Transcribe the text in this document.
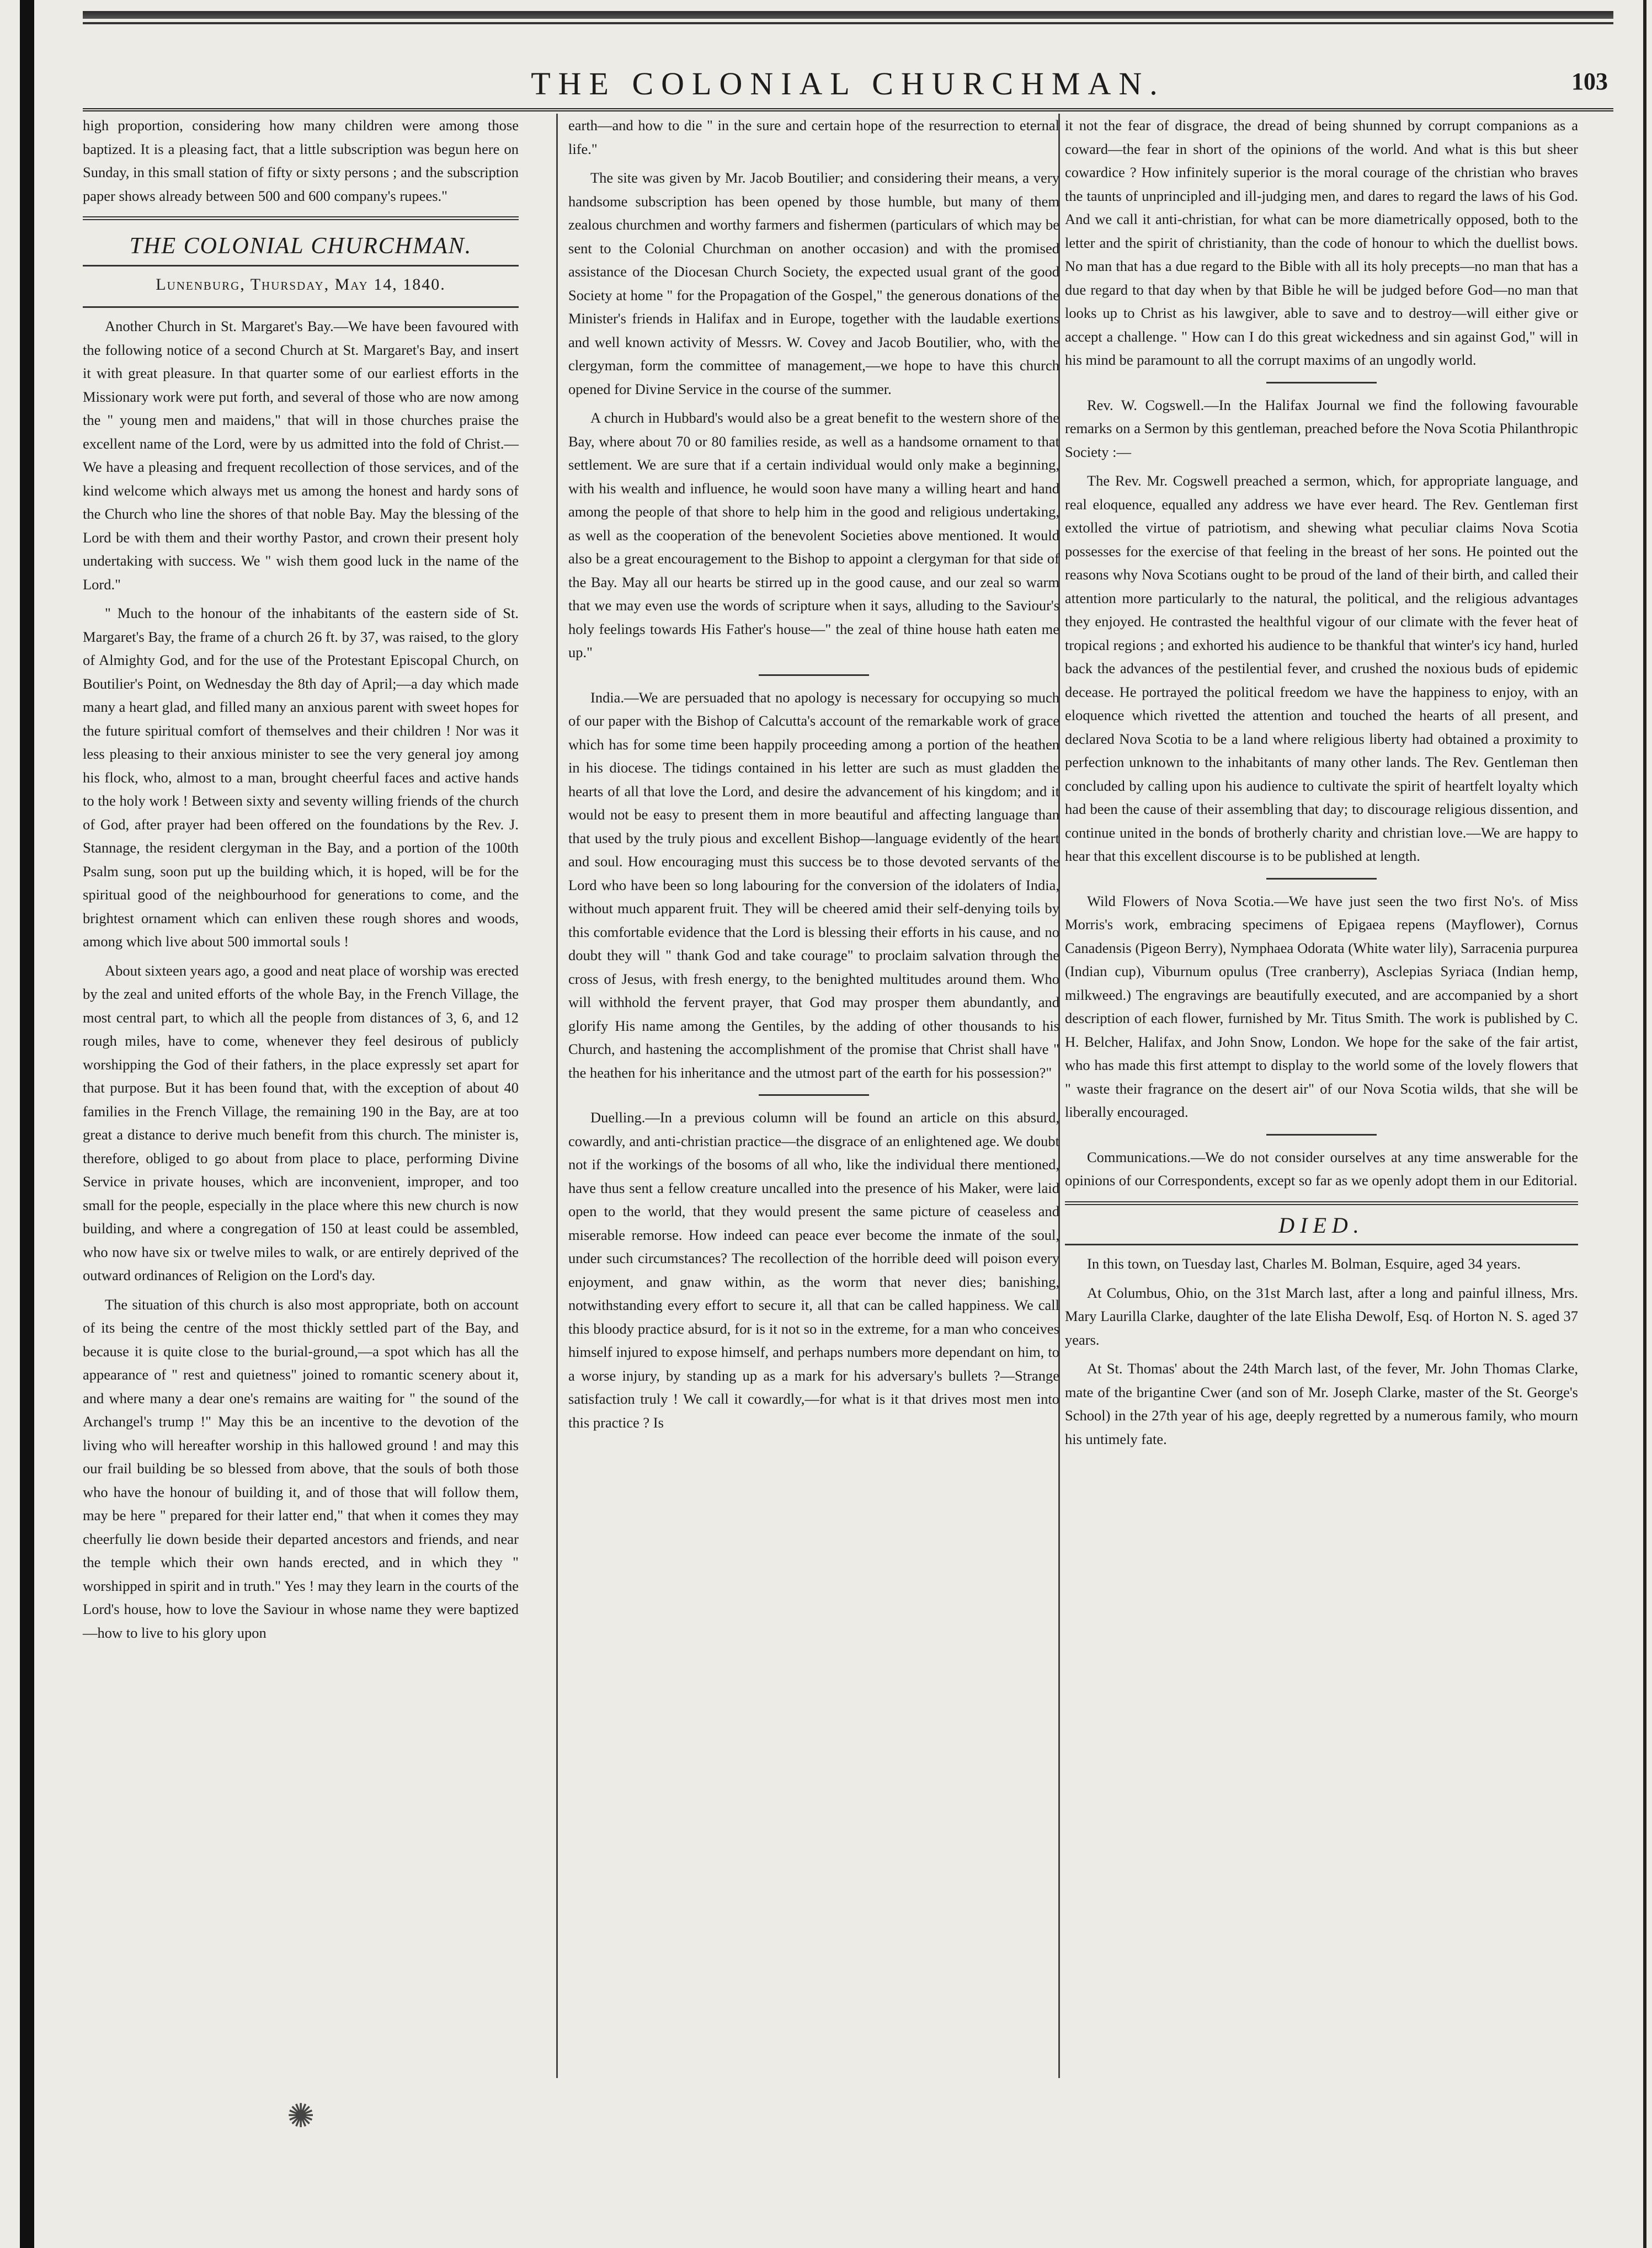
THE COLONIAL CHURCHMAN.	103

high proportion, considering how many children were among those baptized. It is a pleasing fact, that a little subscription was begun here on Sunday, in this small station of fifty or sixty persons ; and the subscription paper shows already between 500 and 600 company's rupees."

THE COLONIAL CHURCHMAN.
Lunenburg, Thursday, May 14, 1840.

Another Church in St. Margaret's Bay.—We have been favoured with the following notice of a second Church at St. Margaret's Bay, and insert it with great pleasure. In that quarter some of our earliest efforts in the Missionary work were put forth, and several of those who are now among the " young men and maidens," that will in those churches praise the excellent name of the Lord, were by us admitted into the fold of Christ.—We have a pleasing and frequent recollection of those services, and of the kind welcome which always met us among the honest and hardy sons of the Church who line the shores of that noble Bay. May the blessing of the Lord be with them and their worthy Pastor, and crown their present holy undertaking with success. We " wish them good luck in the name of the Lord."

" Much to the honour of the inhabitants of the eastern side of St. Margaret's Bay, the frame of a church 26 ft. by 37, was raised, to the glory of Almighty God, and for the use of the Protestant Episcopal Church, on Boutilier's Point, on Wednesday the 8th day of April;—a day which made many a heart glad, and filled many an anxious parent with sweet hopes for the future spiritual comfort of themselves and their children ! Nor was it less pleasing to their anxious minister to see the very general joy among his flock, who, almost to a man, brought cheerful faces and active hands to the holy work ! Between sixty and seventy willing friends of the church of God, after prayer had been offered on the foundations by the Rev. J. Stannage, the resident clergyman in the Bay, and a portion of the 100th Psalm sung, soon put up the building which, it is hoped, will be for the spiritual good of the neighbourhood for generations to come, and the brightest ornament which can enliven these rough shores and woods, among which live about 500 immortal souls !

About sixteen years ago, a good and neat place of worship was erected by the zeal and united efforts of the whole Bay, in the French Village, the most central part, to which all the people from distances of 3, 6, and 12 rough miles, have to come, whenever they feel desirous of publicly worshipping the God of their fathers, in the place expressly set apart for that purpose. But it has been found that, with the exception of about 40 families in the French Village, the remaining 190 in the Bay, are at too great a distance to derive much benefit from this church. The minister is, therefore, obliged to go about from place to place, performing Divine Service in private houses, which are inconvenient, improper, and too small for the people, especially in the place where this new church is now building, and where a congregation of 150 at least could be assembled, who now have six or twelve miles to walk, or are entirely deprived of the outward ordinances of Religion on the Lord's day.

The situation of this church is also most appropriate, both on account of its being the centre of the most thickly settled part of the Bay, and because it is quite close to the burial-ground,—a spot which has all the appearance of " rest and quietness" joined to romantic scenery about it, and where many a dear one's remains are waiting for " the sound of the Archangel's trump !" May this be an incentive to the devotion of the living who will hereafter worship in this hallowed ground ! and may this our frail building be so blessed from above, that the souls of both those who have the honour of building it, and of those that will follow them, may be here " prepared for their latter end," that when it comes they may cheerfully lie down beside their departed ancestors and friends, and near the temple which their own hands erected, and in which they " worshipped in spirit and in truth." Yes ! may they learn in the courts of the Lord's house, how to love the Saviour in whose name they were baptized—how to live to his glory upon

earth—and how to die " in the sure and certain hope of the resurrection to eternal life."

The site was given by Mr. Jacob Boutilier; and considering their means, a very handsome subscription has been opened by those humble, but many of them zealous churchmen and worthy farmers and fishermen (particulars of which may be sent to the Colonial Churchman on another occasion) and with the promised assistance of the Diocesan Church Society, the expected usual grant of the good Society at home " for the Propagation of the Gospel," the generous donations of the Minister's friends in Halifax and in Europe, together with the laudable exertions and well known activity of Messrs. W. Covey and Jacob Boutilier, who, with the clergyman, form the committee of management,—we hope to have this church opened for Divine Service in the course of the summer.

A church in Hubbard's would also be a great benefit to the western shore of the Bay, where about 70 or 80 families reside, as well as a handsome ornament to that settlement. We are sure that if a certain individual would only make a beginning, with his wealth and influence, he would soon have many a willing heart and hand among the people of that shore to help him in the good and religious undertaking, as well as the cooperation of the benevolent Societies above mentioned. It would also be a great encouragement to the Bishop to appoint a clergyman for that side of the Bay. May all our hearts be stirred up in the good cause, and our zeal so warm that we may even use the words of scripture when it says, alluding to the Saviour's holy feelings towards His Father's house—" the zeal of thine house hath eaten me up."

India.—We are persuaded that no apology is necessary for occupying so much of our paper with the Bishop of Calcutta's account of the remarkable work of grace which has for some time been happily proceeding among a portion of the heathen in his diocese. The tidings contained in his letter are such as must gladden the hearts of all that love the Lord, and desire the advancement of his kingdom; and it would not be easy to present them in more beautiful and affecting language than that used by the truly pious and excellent Bishop—language evidently of the heart and soul. How encouraging must this success be to those devoted servants of the Lord who have been so long labouring for the conversion of the idolaters of India, without much apparent fruit. They will be cheered amid their self-denying toils by this comfortable evidence that the Lord is blessing their efforts in his cause, and no doubt they will " thank God and take courage" to proclaim salvation through the cross of Jesus, with fresh energy, to the benighted multitudes around them. Who will withhold the fervent prayer, that God may prosper them abundantly, and glorify His name among the Gentiles, by the adding of other thousands to his Church, and hastening the accomplishment of the promise that Christ shall have " the heathen for his inheritance and the utmost part of the earth for his possession?"

Duelling.—In a previous column will be found an article on this absurd, cowardly, and anti-christian practice—the disgrace of an enlightened age. We doubt not if the workings of the bosoms of all who, like the individual there mentioned, have thus sent a fellow creature uncalled into the presence of his Maker, were laid open to the world, that they would present the same picture of ceaseless and miserable remorse. How indeed can peace ever become the inmate of the soul, under such circumstances? The recollection of the horrible deed will poison every enjoyment, and gnaw within, as the worm that never dies; banishing, notwithstanding every effort to secure it, all that can be called happiness. We call this bloody practice absurd, for is it not so in the extreme, for a man who conceives himself injured to expose himself, and perhaps numbers more dependant on him, to a worse injury, by standing up as a mark for his adversary's bullets ?—Strange satisfaction truly ! We call it cowardly,—for what is it that drives most men into this practice ? Is

it not the fear of disgrace, the dread of being shunned by corrupt companions as a coward—the fear in short of the opinions of the world. And what is this but sheer cowardice ? How infinitely superior is the moral courage of the christian who braves the taunts of unprincipled and ill-judging men, and dares to regard the laws of his God. And we call it anti-christian, for what can be more diametrically opposed, both to the letter and the spirit of christianity, than the code of honour to which the duellist bows. No man that has a due regard to the Bible with all its holy precepts—no man that has a due regard to that day when by that Bible he will be judged before God—no man that looks up to Christ as his lawgiver, able to save and to destroy—will either give or accept a challenge. " How can I do this great wickedness and sin against God," will in his mind be paramount to all the corrupt maxims of an ungodly world.

Rev. W. Cogswell.—In the Halifax Journal we find the following favourable remarks on a Sermon by this gentleman, preached before the Nova Scotia Philanthropic Society :—

The Rev. Mr. Cogswell preached a sermon, which, for appropriate language, and real eloquence, equalled any address we have ever heard. The Rev. Gentleman first extolled the virtue of patriotism, and shewing what peculiar claims Nova Scotia possesses for the exercise of that feeling in the breast of her sons. He pointed out the reasons why Nova Scotians ought to be proud of the land of their birth, and called their attention more particularly to the natural, the political, and the religious advantages they enjoyed. He contrasted the healthful vigour of our climate with the fever heat of tropical regions ; and exhorted his audience to be thankful that winter's icy hand, hurled back the advances of the pestilential fever, and crushed the noxious buds of epidemic decease. He portrayed the political freedom we have the happiness to enjoy, with an eloquence which rivetted the attention and touched the hearts of all present, and declared Nova Scotia to be a land where religious liberty had obtained a proximity to perfection unknown to the inhabitants of many other lands. The Rev. Gentleman then concluded by calling upon his audience to cultivate the spirit of heartfelt loyalty which had been the cause of their assembling that day; to discourage religious dissention, and continue united in the bonds of brotherly charity and christian love.—We are happy to hear that this excellent discourse is to be published at length.

Wild Flowers of Nova Scotia.—We have just seen the two first No's. of Miss Morris's work, embracing specimens of Epigaea repens (Mayflower), Cornus Canadensis (Pigeon Berry), Nymphaea Odorata (White water lily), Sarracenia purpurea (Indian cup), Viburnum opulus (Tree cranberry), Asclepias Syriaca (Indian hemp, milkweed.) The engravings are beautifully executed, and are accompanied by a short description of each flower, furnished by Mr. Titus Smith. The work is published by C. H. Belcher, Halifax, and John Snow, London. We hope for the sake of the fair artist, who has made this first attempt to display to the world some of the lovely flowers that " waste their fragrance on the desert air" of our Nova Scotia wilds, that she will be liberally encouraged.

Communications.—We do not consider ourselves at any time answerable for the opinions of our Correspondents, except so far as we openly adopt them in our Editorial.

DIED.

In this town, on Tuesday last, Charles M. Bolman, Esquire, aged 34 years.

At Columbus, Ohio, on the 31st March last, after a long and painful illness, Mrs. Mary Laurilla Clarke, daughter of the late Elisha Dewolf, Esq. of Horton N. S. aged 37 years.

At St. Thomas' about the 24th March last, of the fever, Mr. John Thomas Clarke, mate of the brigantine Cwer (and son of Mr. Joseph Clarke, master of the St. George's School) in the 27th year of his age, deeply regretted by a numerous family, who mourn his untimely fate.

✺
